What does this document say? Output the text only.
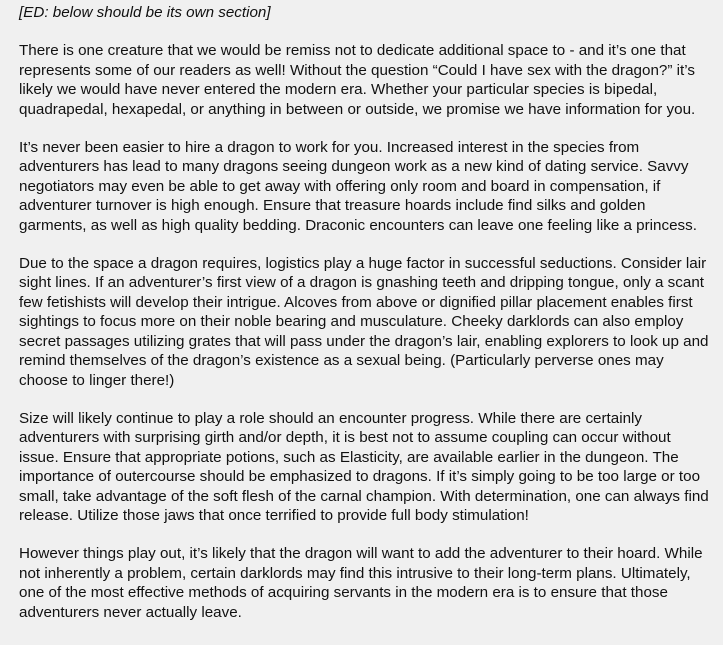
[ED: below should be its own section]

There is one creature that we would be remiss not to dedicate additional space to - and it’s one that represents some of our readers as well! Without the question “Could I have sex with the dragon?” it’s likely we would have never entered the modern era. Whether your particular species is bipedal, quadrapedal, hexapedal, or anything in between or outside, we promise we have information for you.

It’s never been easier to hire a dragon to work for you. Increased interest in the species from adventurers has lead to many dragons seeing dungeon work as a new kind of dating service. Savvy negotiators may even be able to get away with offering only room and board in compensation, if adventurer turnover is high enough. Ensure that treasure hoards include find silks and golden garments, as well as high quality bedding. Draconic encounters can leave one feeling like a princess.

Due to the space a dragon requires, logistics play a huge factor in successful seductions. Consider lair sight lines. If an adventurer’s first view of a dragon is gnashing teeth and dripping tongue, only a scant few fetishists will develop their intrigue. Alcoves from above or dignified pillar placement enables first sightings to focus more on their noble bearing and musculature. Cheeky darklords can also employ secret passages utilizing grates that will pass under the dragon’s lair, enabling explorers to look up and remind themselves of the dragon’s existence as a sexual being. (Particularly perverse ones may choose to linger there!)

Size will likely continue to play a role should an encounter progress. While there are certainly adventurers with surprising girth and/or depth, it is best not to assume coupling can occur without issue. Ensure that appropriate potions, such as Elasticity, are available earlier in the dungeon. The importance of outercourse should be emphasized to dragons. If it’s simply going to be too large or too small, take advantage of the soft flesh of the carnal champion. With determination, one can always find release. Utilize those jaws that once terrified to provide full body stimulation!

However things play out, it’s likely that the dragon will want to add the adventurer to their hoard. While not inherently a problem, certain darklords may find this intrusive to their long-term plans. Ultimately, one of the most effective methods of acquiring servants in the modern era is to ensure that those adventurers never actually leave.
